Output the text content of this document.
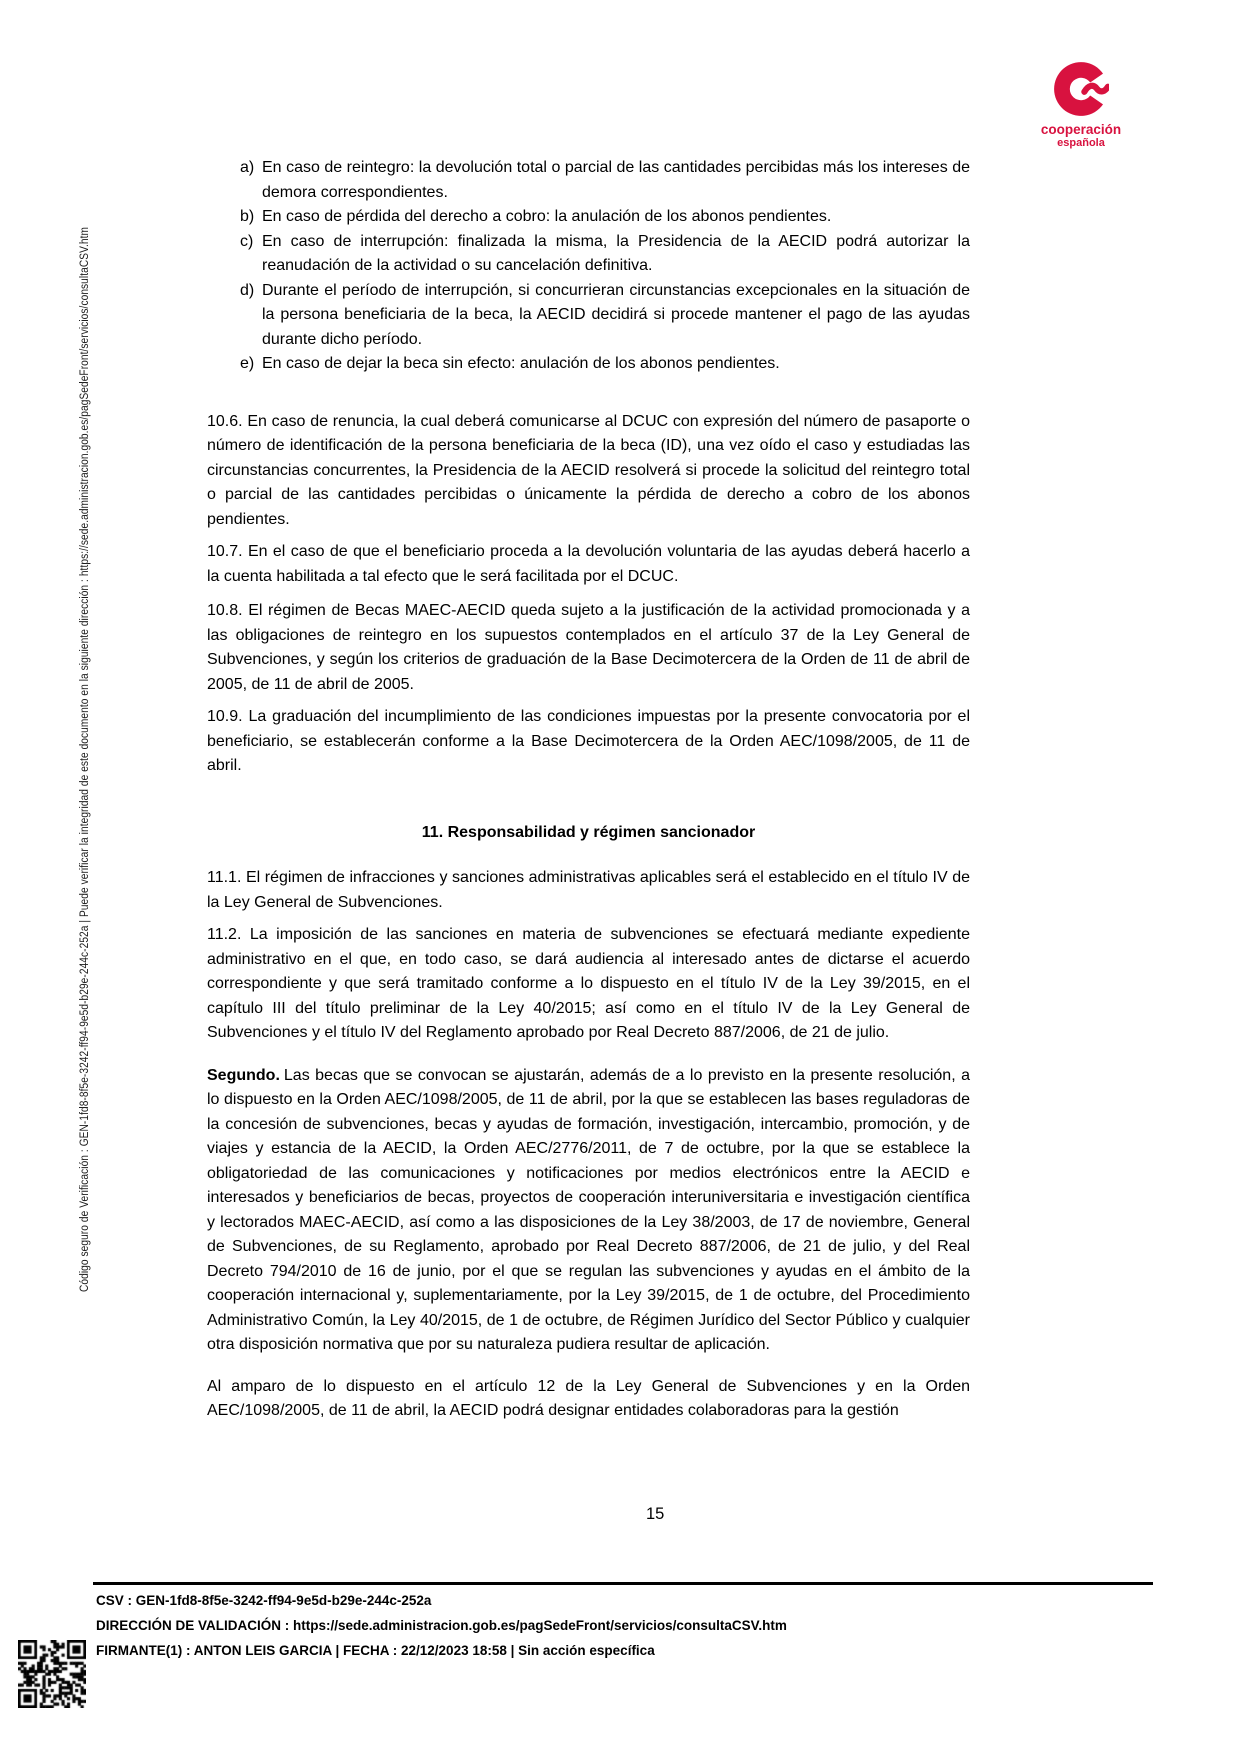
cooperación
española
Código seguro de Verificación : GEN-1fd8-8f5e-3242-ff94-9e5d-b29e-244c-252a | Puede verificar la integridad de este documento en la siguiente dirección : https://sede.administracion.gob.es/pagSedeFront/servicios/consultaCSV.htm
a) En caso de reintegro: la devolución total o parcial de las cantidades percibidas más los intereses de demora correspondientes.
b) En caso de pérdida del derecho a cobro: la anulación de los abonos pendientes.
c) En caso de interrupción: finalizada la misma, la Presidencia de la AECID podrá autorizar la reanudación de la actividad o su cancelación definitiva.
d) Durante el período de interrupción, si concurrieran circunstancias excepcionales en la situación de la persona beneficiaria de la beca, la AECID decidirá si procede mantener el pago de las ayudas durante dicho período.
e) En caso de dejar la beca sin efecto: anulación de los abonos pendientes.

10.6. En caso de renuncia, la cual deberá comunicarse al DCUC con expresión del número de pasaporte o número de identificación de la persona beneficiaria de la beca (ID), una vez oído el caso y estudiadas las circunstancias concurrentes, la Presidencia de la AECID resolverá si procede la solicitud del reintegro total o parcial de las cantidades percibidas o únicamente la pérdida de derecho a cobro de los abonos pendientes.

10.7. En el caso de que el beneficiario proceda a la devolución voluntaria de las ayudas deberá hacerlo a la cuenta habilitada a tal efecto que le será facilitada por el DCUC.

10.8. El régimen de Becas MAEC-AECID queda sujeto a la justificación de la actividad promocionada y a las obligaciones de reintegro en los supuestos contemplados en el artículo 37 de la Ley General de Subvenciones, y según los criterios de graduación de la Base Decimotercera de la Orden de 11 de abril de 2005, de 11 de abril de 2005.

10.9. La graduación del incumplimiento de las condiciones impuestas por la presente convocatoria por el beneficiario, se establecerán conforme a la Base Decimotercera de la Orden AEC/1098/2005, de 11 de abril.

11. Responsabilidad y régimen sancionador

11.1. El régimen de infracciones y sanciones administrativas aplicables será el establecido en el título IV de la Ley General de Subvenciones.

11.2. La imposición de las sanciones en materia de subvenciones se efectuará mediante expediente administrativo en el que, en todo caso, se dará audiencia al interesado antes de dictarse el acuerdo correspondiente y que será tramitado conforme a lo dispuesto en el título IV de la Ley 39/2015, en el capítulo III del título preliminar de la Ley 40/2015; así como en el título IV de la Ley General de Subvenciones y el título IV del Reglamento aprobado por Real Decreto 887/2006, de 21 de julio.

Segundo. Las becas que se convocan se ajustarán, además de a lo previsto en la presente resolución, a lo dispuesto en la Orden AEC/1098/2005, de 11 de abril, por la que se establecen las bases reguladoras de la concesión de subvenciones, becas y ayudas de formación, investigación, intercambio, promoción, y de viajes y estancia de la AECID, la Orden AEC/2776/2011, de 7 de octubre, por la que se establece la obligatoriedad de las comunicaciones y notificaciones por medios electrónicos entre la AECID e interesados y beneficiarios de becas, proyectos de cooperación interuniversitaria e investigación científica y lectorados MAEC-AECID, así como a las disposiciones de la Ley 38/2003, de 17 de noviembre, General de Subvenciones, de su Reglamento, aprobado por Real Decreto 887/2006, de 21 de julio, y del Real Decreto 794/2010 de 16 de junio, por el que se regulan las subvenciones y ayudas en el ámbito de la cooperación internacional y, suplementariamente, por la Ley 39/2015, de 1 de octubre, del Procedimiento Administrativo Común, la Ley 40/2015, de 1 de octubre, de Régimen Jurídico del Sector Público y cualquier otra disposición normativa que por su naturaleza pudiera resultar de aplicación.

Al amparo de lo dispuesto en el artículo 12 de la Ley General de Subvenciones y en la Orden AEC/1098/2005, de 11 de abril, la AECID podrá designar entidades colaboradoras para la gestión

15
CSV : GEN-1fd8-8f5e-3242-ff94-9e5d-b29e-244c-252a
DIRECCIÓN DE VALIDACIÓN : https://sede.administracion.gob.es/pagSedeFront/servicios/consultaCSV.htm
FIRMANTE(1) : ANTON LEIS GARCIA | FECHA : 22/12/2023 18:58 | Sin acción específica
